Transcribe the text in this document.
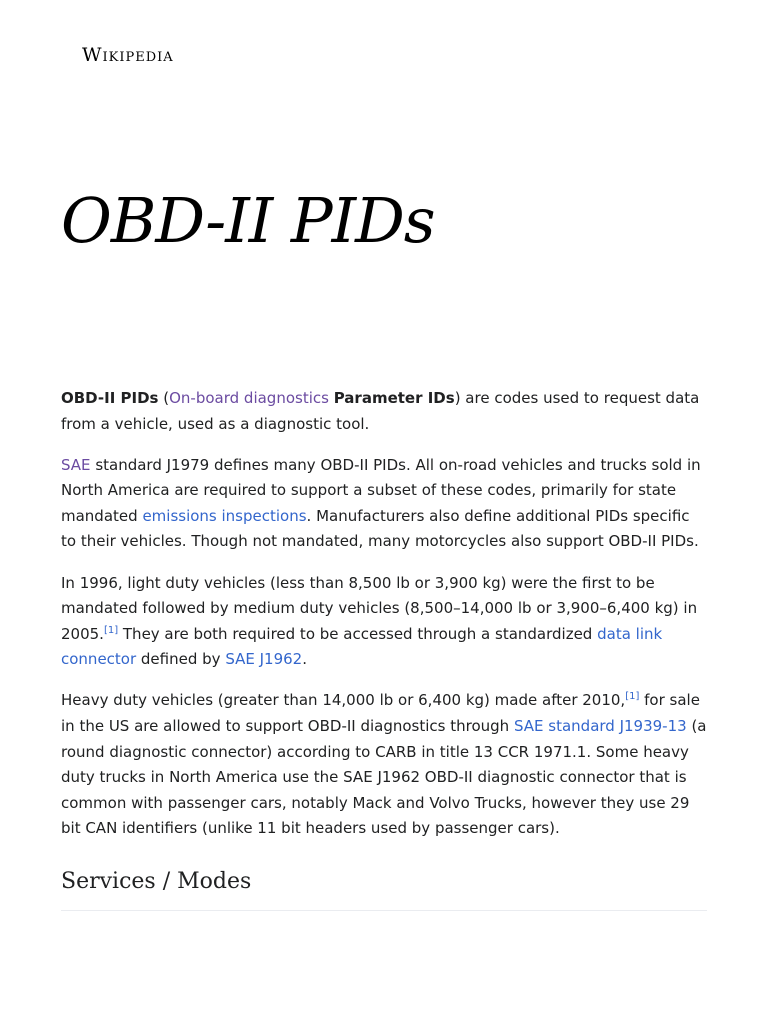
Wikipedia
OBD-II PIDs

OBD-II PIDs (On-board diagnostics Parameter IDs) are codes used to request data from a vehicle, used as a diagnostic tool.

SAE standard J1979 defines many OBD-II PIDs. All on-road vehicles and trucks sold in North America are required to support a subset of these codes, primarily for state mandated emissions inspections. Manufacturers also define additional PIDs specific to their vehicles. Though not mandated, many motorcycles also support OBD-II PIDs.

In 1996, light duty vehicles (less than 8,500 lb or 3,900 kg) were the first to be mandated followed by medium duty vehicles (8,500–14,000 lb or 3,900–6,400 kg) in 2005.[1] They are both required to be accessed through a standardized data link connector defined by SAE J1962.

Heavy duty vehicles (greater than 14,000 lb or 6,400 kg) made after 2010,[1] for sale in the US are allowed to support OBD-II diagnostics through SAE standard J1939-13 (a round diagnostic connector) according to CARB in title 13 CCR 1971.1. Some heavy duty trucks in North America use the SAE J1962 OBD-II diagnostic connector that is common with passenger cars, notably Mack and Volvo Trucks, however they use 29 bit CAN identifiers (unlike 11 bit headers used by passenger cars).

Services / Modes
